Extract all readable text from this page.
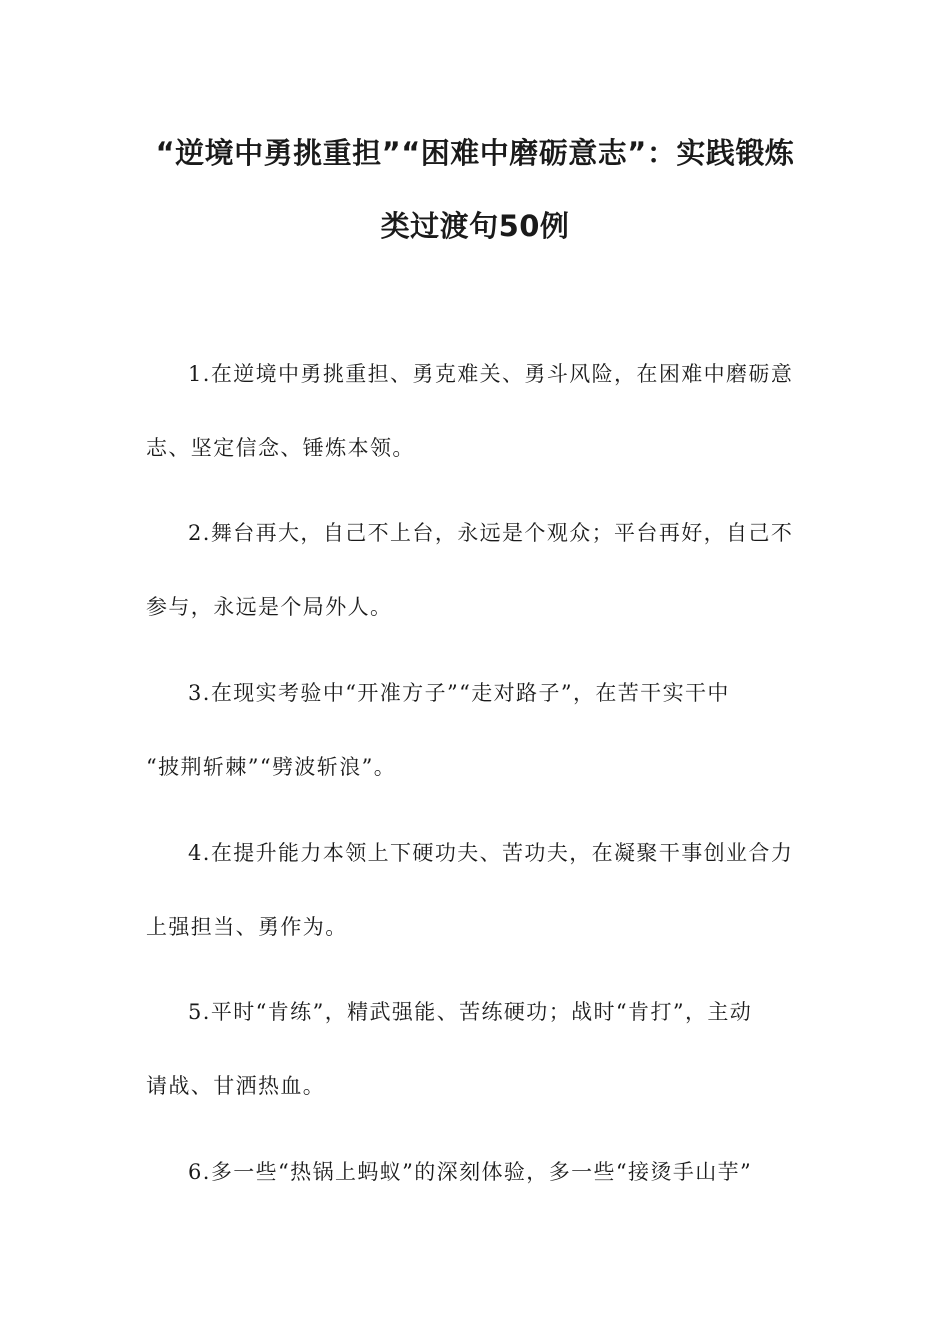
“逆境中勇挑重担”“困难中磨砺意志”：实践锻炼
类过渡句50例
1.在逆境中勇挑重担、勇克难关、勇斗风险，在困难中磨砺意
志、坚定信念、锤炼本领。
2.舞台再大，自己不上台，永远是个观众；平台再好，自己不
参与，永远是个局外人。
3.在现实考验中“开准方子”“走对路子”，在苦干实干中
“披荆斩棘”“劈波斩浪”。
4.在提升能力本领上下硬功夫、苦功夫，在凝聚干事创业合力
上强担当、勇作为。
5.平时“肯练”，精武强能、苦练硬功；战时“肯打”，主动
请战、甘洒热血。
6.多一些“热锅上蚂蚁”的深刻体验，多一些“接烫手山芋”
